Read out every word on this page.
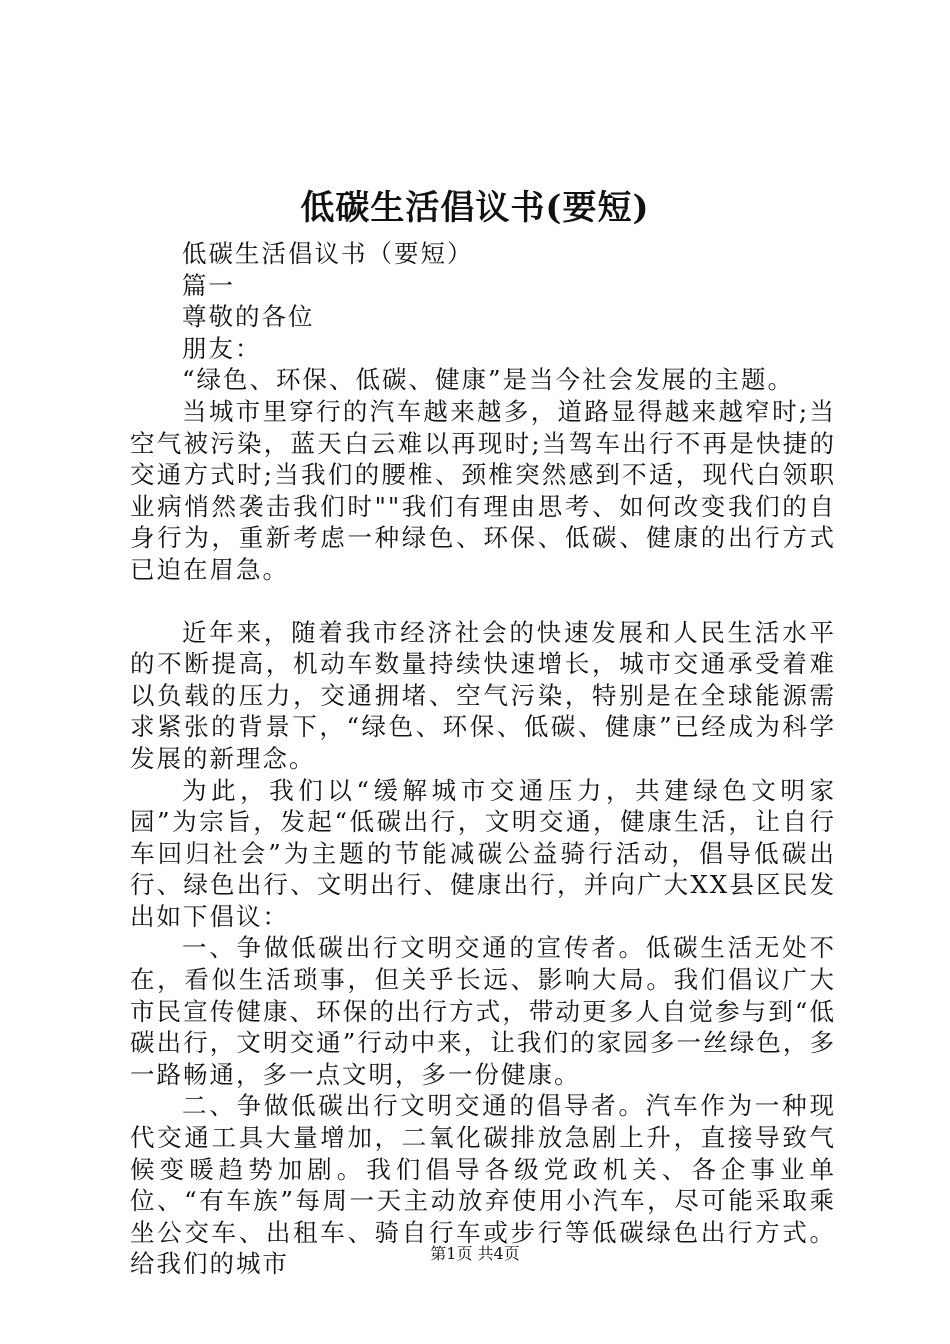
低碳生活倡议书(要短)

低碳生活倡议书（要短）

篇一

尊敬的各位

朋友：

“绿色、环保、低碳、健康”是当今社会发展的主题。

当城市里穿行的汽车越来越多，道路显得越来越窄时;当空气被污染，蓝天白云难以再现时;当驾车出行不再是快捷的交通方式时;当我们的腰椎、颈椎突然感到不适，现代白领职业病悄然袭击我们时""我们有理由思考、如何改变我们的自身行为，重新考虑一种绿色、环保、低碳、健康的出行方式已迫在眉急。

近年来，随着我市经济社会的快速发展和人民生活水平的不断提高，机动车数量持续快速增长，城市交通承受着难以负载的压力，交通拥堵、空气污染，特别是在全球能源需求紧张的背景下，“绿色、环保、低碳、健康”已经成为科学发展的新理念。

为此，我们以“缓解城市交通压力，共建绿色文明家园”为宗旨，发起“低碳出行，文明交通，健康生活，让自行车回归社会”为主题的节能减碳公益骑行活动，倡导低碳出行、绿色出行、文明出行、健康出行，并向广大XX县区民发出如下倡议：

一、争做低碳出行文明交通的宣传者。低碳生活无处不在，看似生活琐事，但关乎长远、影响大局。我们倡议广大市民宣传健康、环保的出行方式，带动更多人自觉参与到“低碳出行，文明交通”行动中来，让我们的家园多一丝绿色，多一路畅通，多一点文明，多一份健康。

二、争做低碳出行文明交通的倡导者。汽车作为一种现代交通工具大量增加，二氧化碳排放急剧上升，直接导致气候变暖趋势加剧。我们倡导各级党政机关、各企事业单位、“有车族”每周一天主动放弃使用小汽车，尽可能采取乘坐公交车、出租车、骑自行车或步行等低碳绿色出行方式。给我们的城市	第1页 共4页
